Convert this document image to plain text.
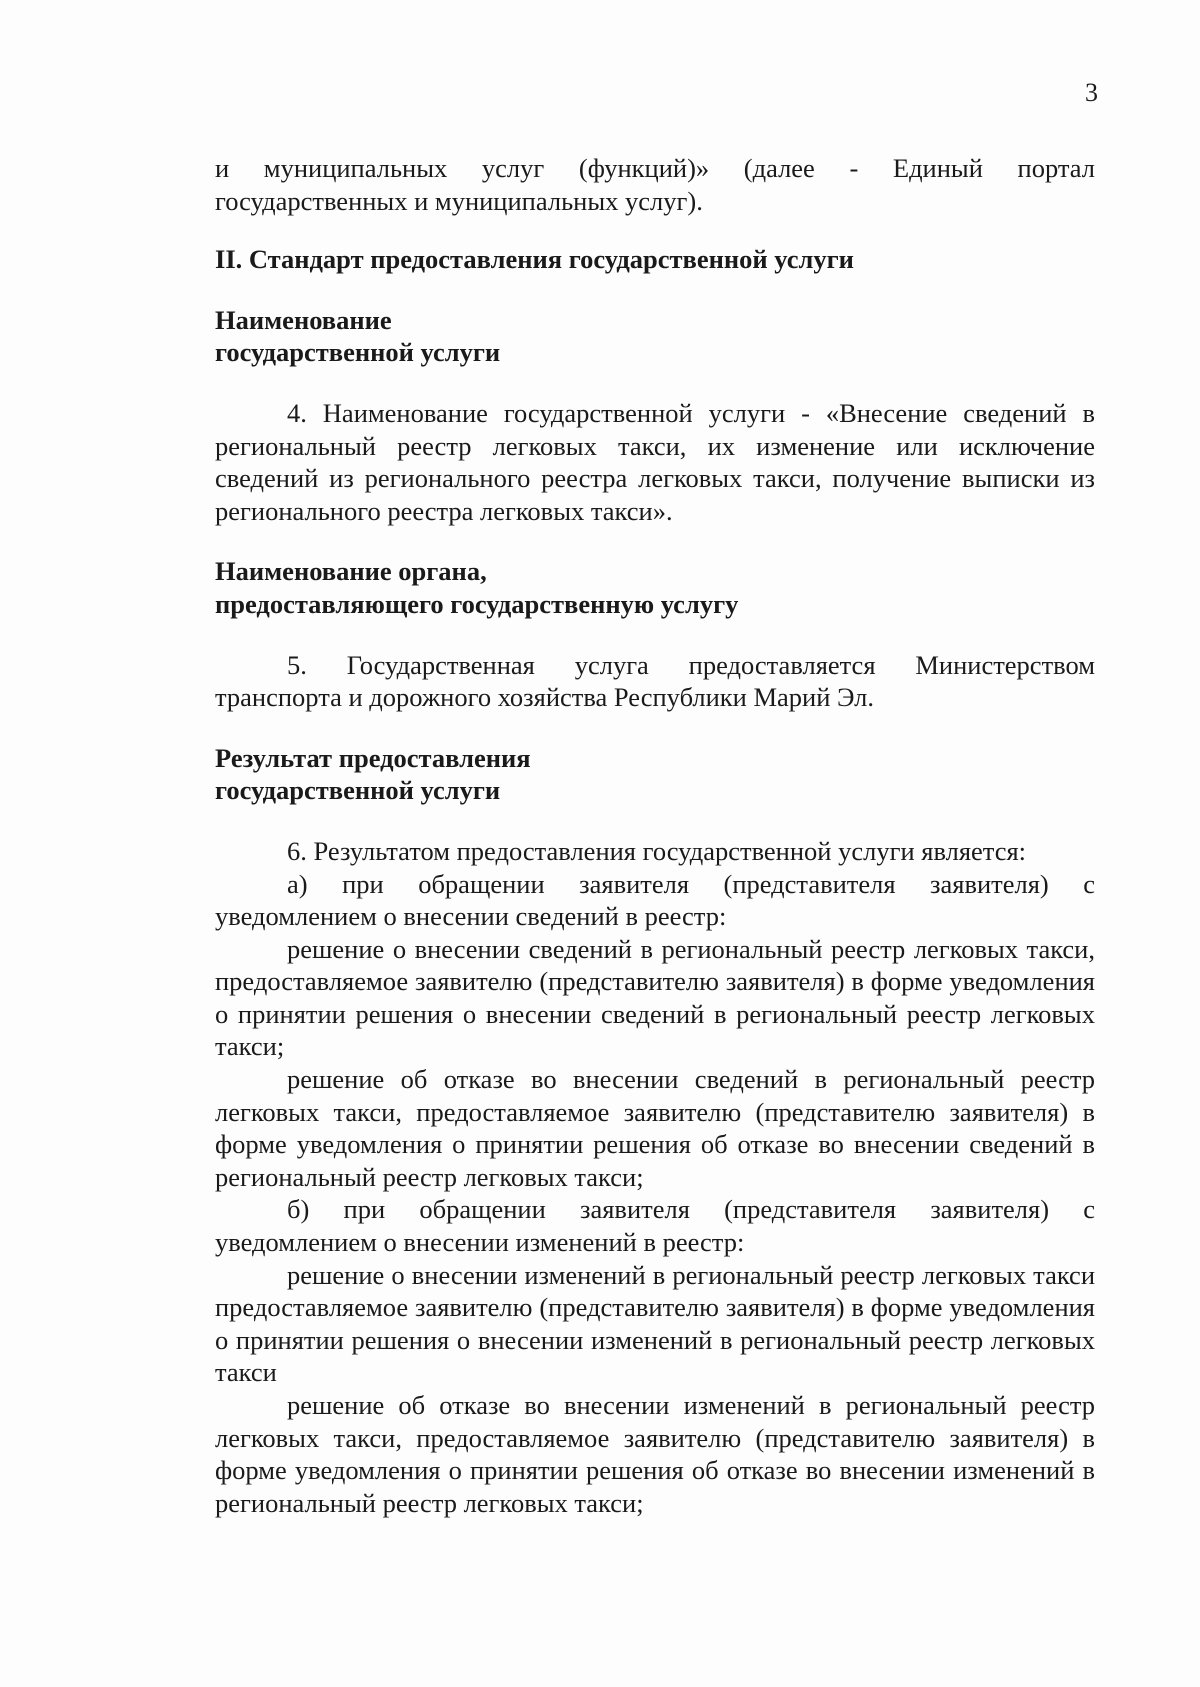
3

и муниципальных услуг (функций)» (далее - Единый портал государственных и муниципальных услуг).

II. Стандарт предоставления государственной услуги

Наименование
государственной услуги

4. Наименование государственной услуги - «Внесение сведений в региональный реестр легковых такси, их изменение или исключение сведений из регионального реестра легковых такси, получение выписки из регионального реестра легковых такси».

Наименование органа,
предоставляющего государственную услугу

5. Государственная услуга предоставляется Министерством транспорта и дорожного хозяйства Республики Марий Эл.

Результат предоставления
государственной услуги

6. Результатом предоставления государственной услуги является:

а) при обращении заявителя (представителя заявителя) с уведомлением о внесении сведений в реестр:

решение о внесении сведений в региональный реестр легковых такси, предоставляемое заявителю (представителю заявителя) в форме уведомления о принятии решения о внесении сведений в региональный реестр легковых такси;

решение об отказе во внесении сведений в региональный реестр легковых такси, предоставляемое заявителю (представителю заявителя) в форме уведомления о принятии решения об отказе во внесении сведений в региональный реестр легковых такси;

б) при обращении заявителя (представителя заявителя) с уведомлением о внесении изменений в реестр:

решение о внесении изменений в региональный реестр легковых такси предоставляемое заявителю (представителю заявителя) в форме уведомления о принятии решения о внесении изменений в региональный реестр легковых такси

решение об отказе во внесении изменений в региональный реестр легковых такси, предоставляемое заявителю (представителю заявителя) в форме уведомления о принятии решения об отказе во внесении изменений в региональный реестр легковых такси;
